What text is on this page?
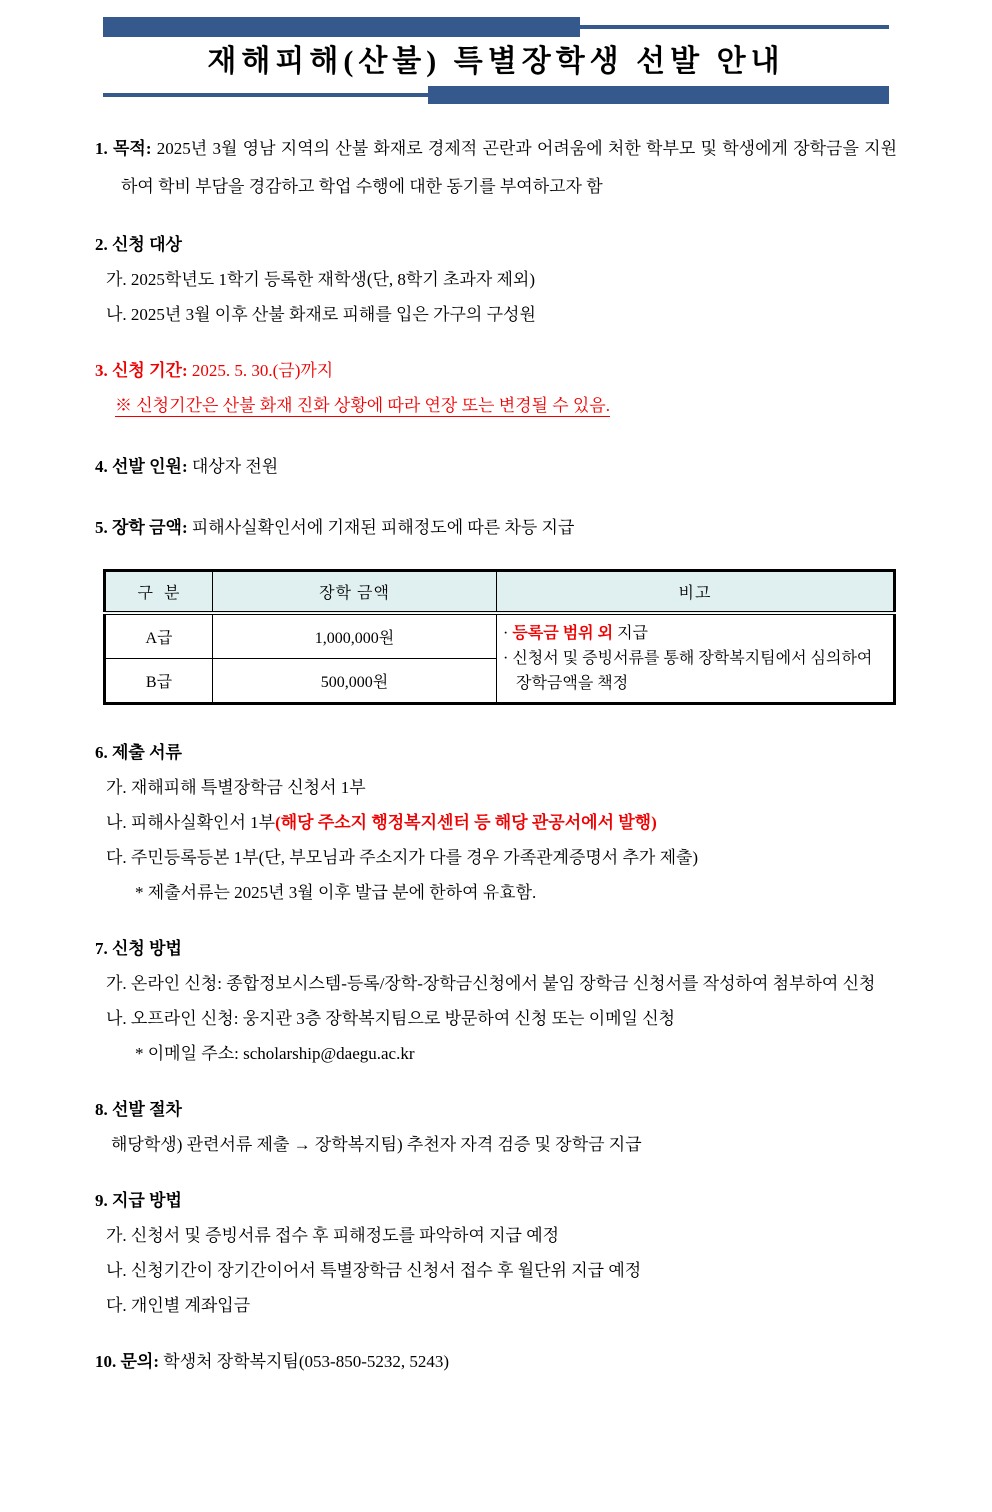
재해피해(산불) 특별장학생 선발 안내

1. 목적: 2025년 3월 영남 지역의 산불 화재로 경제적 곤란과 어려움에 처한 학부모 및 학생에게 장학금을 지원하여 학비 부담을 경감하고 학업 수행에 대한 동기를 부여하고자 함

2. 신청 대상

가. 2025학년도 1학기 등록한 재학생(단, 8학기 초과자 제외)

나. 2025년 3월 이후 산불 화재로 피해를 입은 가구의 구성원

3. 신청 기간: 2025. 5. 30.(금)까지

※ 신청기간은 산불 화재 진화 상황에 따라 연장 또는 변경될 수 있음.

4. 선발 인원: 대상자 전원

5. 장학 금액: 피해사실확인서에 기재된 피해정도에 따른 차등 지급

구  분	장학 금액	비고
A급	1,000,000원	· 등록금 범위 외 지급

· 신청서 및 증빙서류를 통해 장학복지팀에서 심의하여 장학금액을 책정

B급	500,000원	

6. 제출 서류

가. 재해피해 특별장학금 신청서 1부

나. 피해사실확인서 1부(해당 주소지 행정복지센터 등 해당 관공서에서 발행)

다. 주민등록등본 1부(단, 부모님과 주소지가 다를 경우 가족관계증명서 추가 제출)

* 제출서류는 2025년 3월 이후 발급 분에 한하여 유효함.

7. 신청 방법

가. 온라인 신청: 종합정보시스템-등록/장학-장학금신청에서 붙임 장학금 신청서를 작성하여 첨부하여 신청

나. 오프라인 신청: 웅지관 3층 장학복지팀으로 방문하여 신청 또는 이메일 신청

* 이메일 주소: scholarship@daegu.ac.kr

8. 선발 절차

해당학생) 관련서류 제출 → 장학복지팀) 추천자 자격 검증 및 장학금 지급

9. 지급 방법

가. 신청서 및 증빙서류 접수 후 피해정도를 파악하여 지급 예정

나. 신청기간이 장기간이어서 특별장학금 신청서 접수 후 월단위 지급 예정

다. 개인별 계좌입금

10. 문의: 학생처 장학복지팀(053-850-5232, 5243)
